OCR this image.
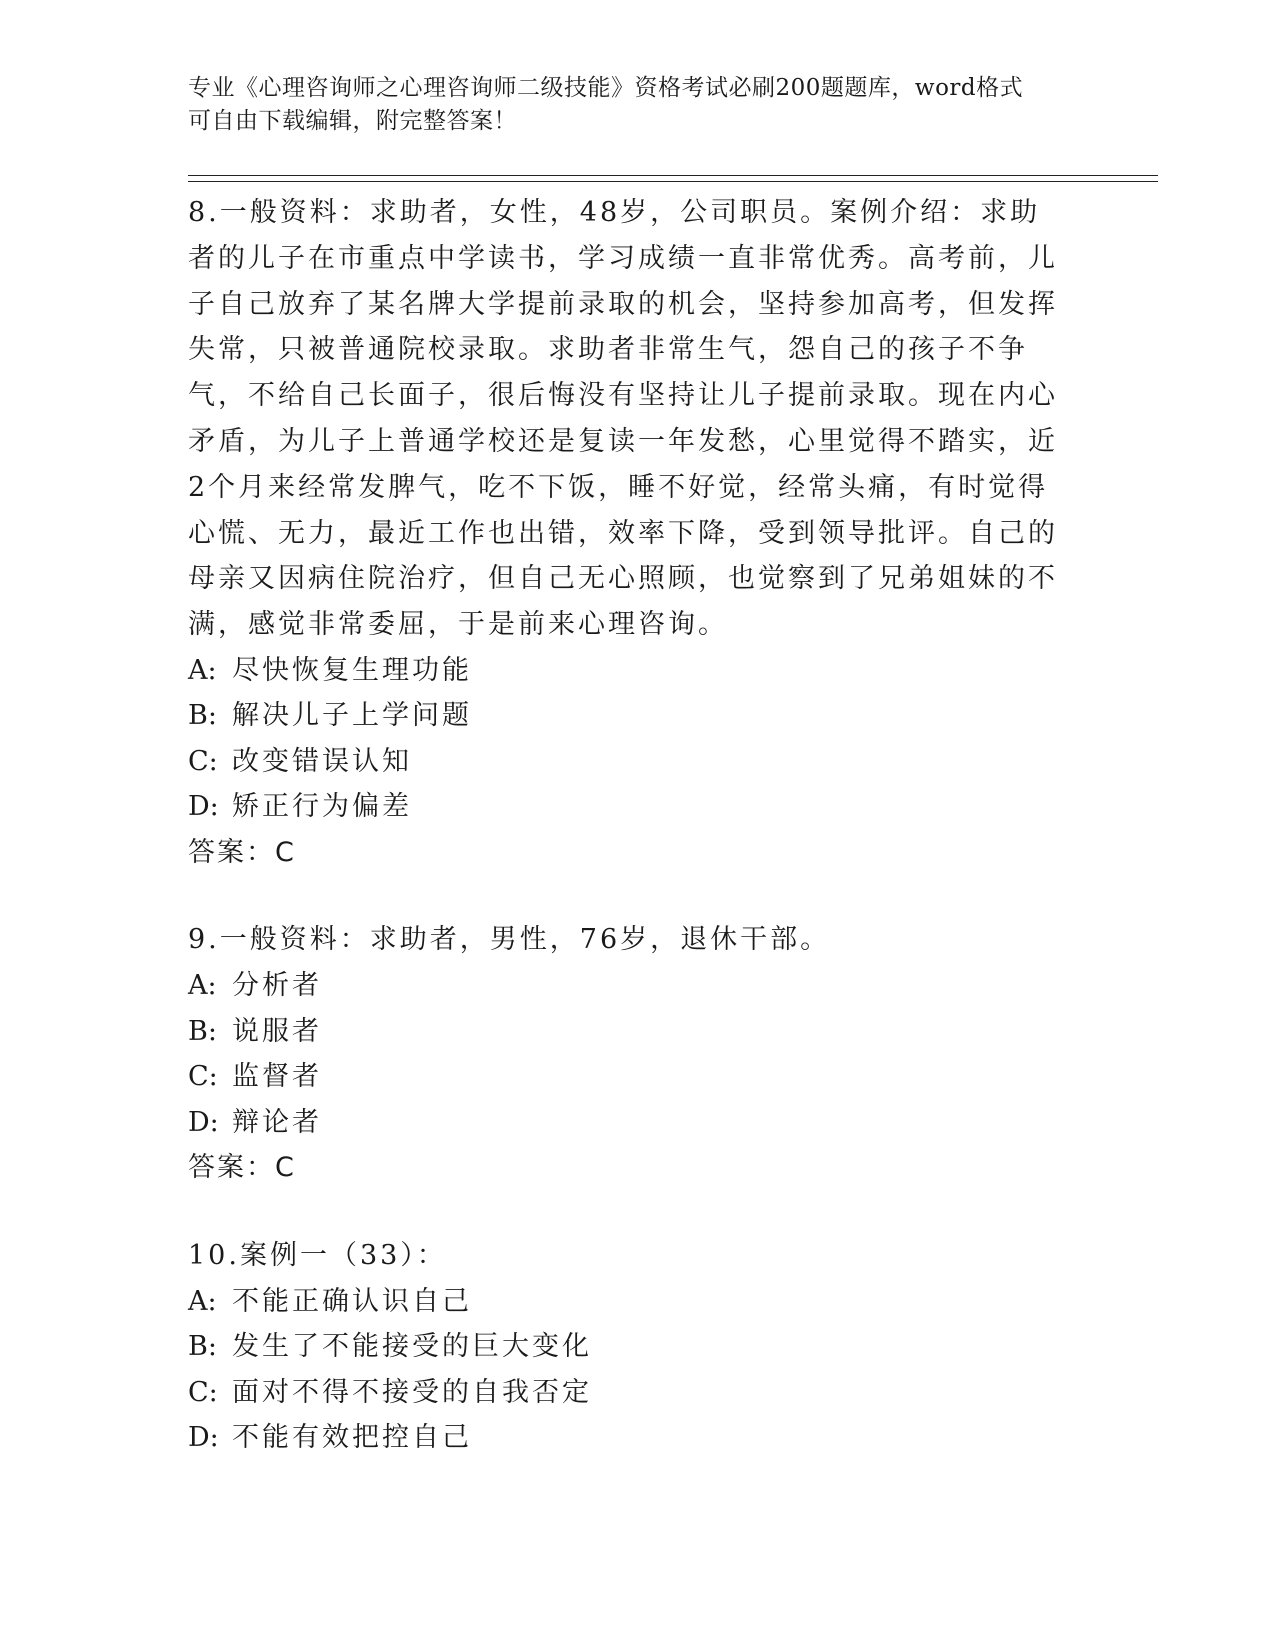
专业《心理咨询师之心理咨询师二级技能》资格考试必刷200题题库，word格式
可自由下载编辑，附完整答案！

8.一般资料：求助者，女性，48岁，公司职员。案例介绍：求助者的儿子在市重点中学读书，学习成绩一直非常优秀。高考前，儿子自己放弃了某名牌大学提前录取的机会，坚持参加高考，但发挥失常，只被普通院校录取。求助者非常生气，怨自己的孩子不争气，不给自己长面子，很后悔没有坚持让儿子提前录取。现在内心矛盾，为儿子上普通学校还是复读一年发愁，心里觉得不踏实，近2个月来经常发脾气，吃不下饭，睡不好觉，经常头痛，有时觉得心慌、无力，最近工作也出错，效率下降，受到领导批评。自己的母亲又因病住院治疗，但自己无心照顾，也觉察到了兄弟姐妹的不满，感觉非常委屈，于是前来心理咨询。

A: 尽快恢复生理功能

B: 解决儿子上学问题

C: 改变错误认知

D: 矫正行为偏差

答案：C

9.一般资料：求助者，男性，76岁，退休干部。

A: 分析者

B: 说服者

C: 监督者

D: 辩论者

答案：C

10.案例一（33）：

A: 不能正确认识自己

B: 发生了不能接受的巨大变化

C: 面对不得不接受的自我否定

D: 不能有效把控自己
